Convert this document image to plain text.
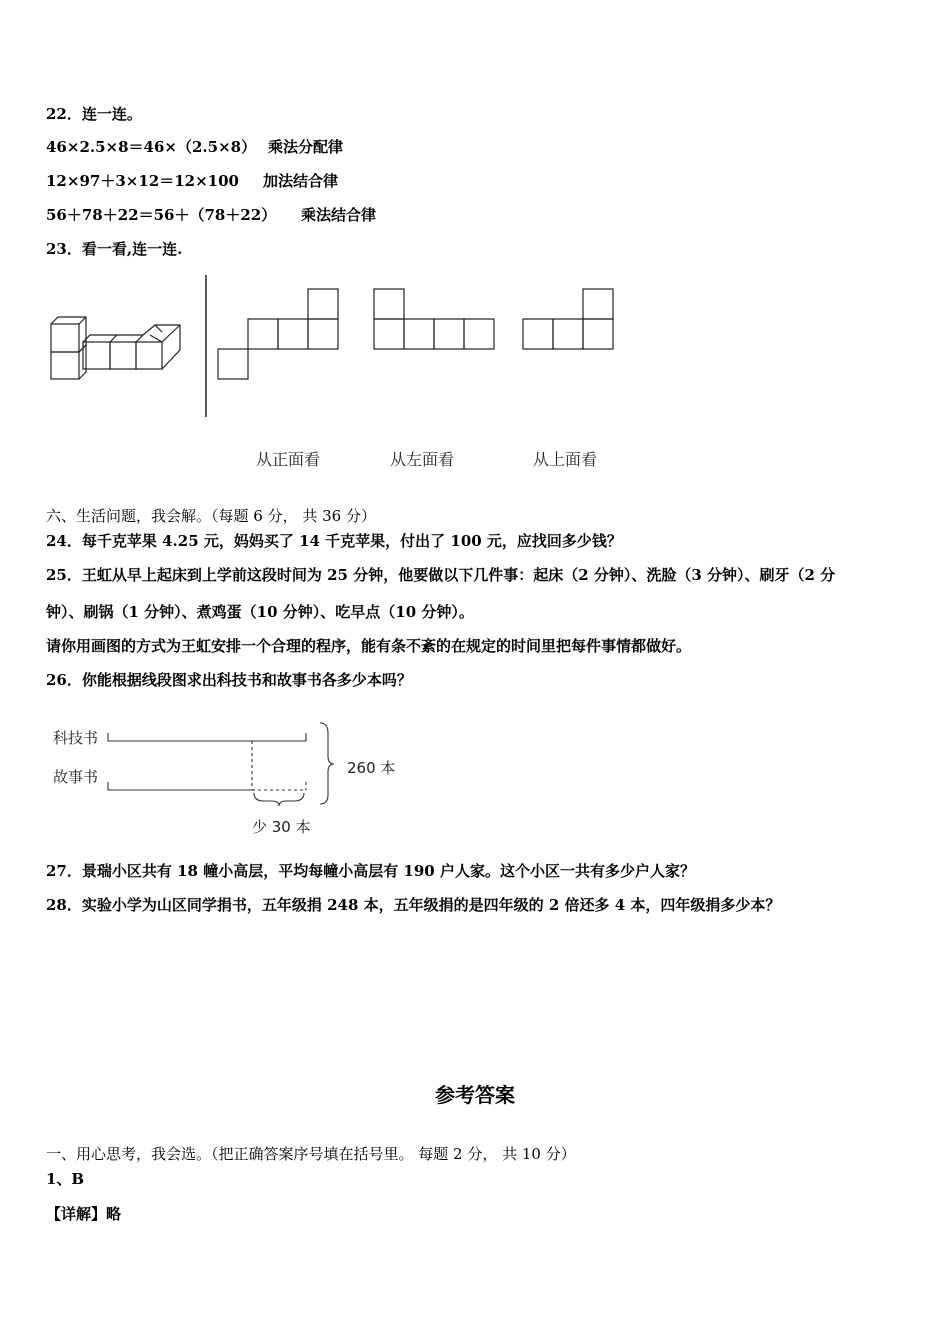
22．连一连。
46×2.5×8＝46×（2.5×8） 乘法分配律
12×97＋3×12＝12×100 加法结合律
56＋78＋22＝56＋（78＋22） 乘法结合律
23．看一看,连一连.
从正面看	从左面看	从上面看
六、生活问题，我会解。（每题 6 分， 共 36 分）
24．每千克苹果 4.25 元，妈妈买了 14 千克苹果，付出了 100 元，应找回多少钱？
25．王虹从早上起床到上学前这段时间为 25 分钟，他要做以下几件事：起床（2 分钟）、洗脸（3 分钟）、刷牙（2 分
钟）、刷锅（1 分钟）、煮鸡蛋（10 分钟）、吃早点（10 分钟）。
请你用画图的方式为王虹安排一个合理的程序，能有条不紊的在规定的时间里把每件事情都做好。
26．你能根据线段图求出科技书和故事书各多少本吗？
科技书
故事书	260 本
少 30 本
27．景瑞小区共有 18 幢小高层，平均每幢小高层有 190 户人家。这个小区一共有多少户人家？
28．实验小学为山区同学捐书，五年级捐 248 本，五年级捐的是四年级的 2 倍还多 4 本，四年级捐多少本？
参考答案
一、用心思考，我会选。（把正确答案序号填在括号里。 每题 2 分， 共 10 分）
1、B
【详解】略
